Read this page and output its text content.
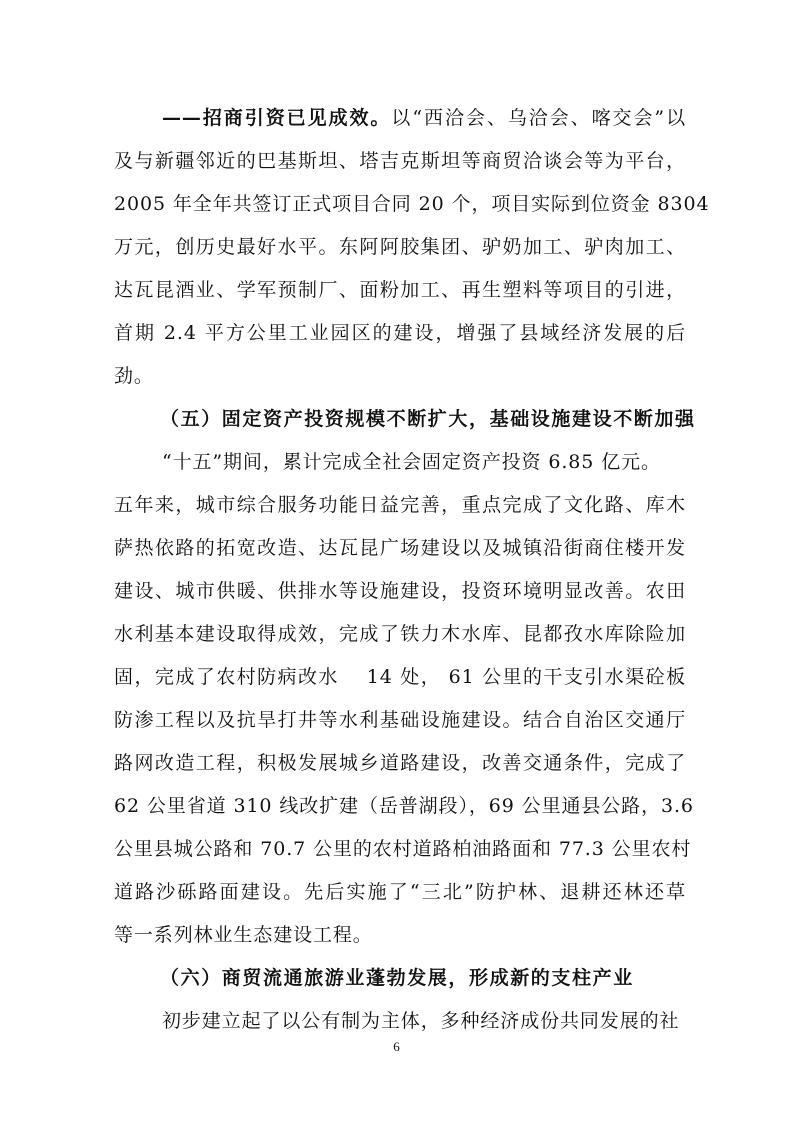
——招商引资已见成效。以“西洽会、乌洽会、喀交会”以
及与新疆邻近的巴基斯坦、塔吉克斯坦等商贸洽谈会等为平台，
2005 年全年共签订正式项目合同 20 个，项目实际到位资金 8304
万元，创历史最好水平。东阿阿胶集团、驴奶加工、驴肉加工、
达瓦昆酒业、学军预制厂、面粉加工、再生塑料等项目的引进，
首期 2.4 平方公里工业园区的建设，增强了县域经济发展的后
劲。
（五）固定资产投资规模不断扩大，基础设施建设不断加强
“十五”期间，累计完成全社会固定资产投资 6.85 亿元。
五年来，城市综合服务功能日益完善，重点完成了文化路、库木
萨热依路的拓宽改造、达瓦昆广场建设以及城镇沿街商住楼开发
建设、城市供暖、供排水等设施建设，投资环境明显改善。农田
水利基本建设取得成效，完成了铁力木水库、昆都孜水库除险加
固，完成了农村防病改水　 14 处， 61 公里的干支引水渠砼板
防渗工程以及抗旱打井等水利基础设施建设。结合自治区交通厅
路网改造工程，积极发展城乡道路建设，改善交通条件，完成了
62 公里省道 310 线改扩建（岳普湖段），69 公里通县公路，3.6
公里县城公路和 70.7 公里的农村道路柏油路面和 77.3 公里农村
道路沙砾路面建设。先后实施了“三北”防护林、退耕还林还草
等一系列林业生态建设工程。
（六）商贸流通旅游业蓬勃发展，形成新的支柱产业
初步建立起了以公有制为主体，多种经济成份共同发展的社
6
